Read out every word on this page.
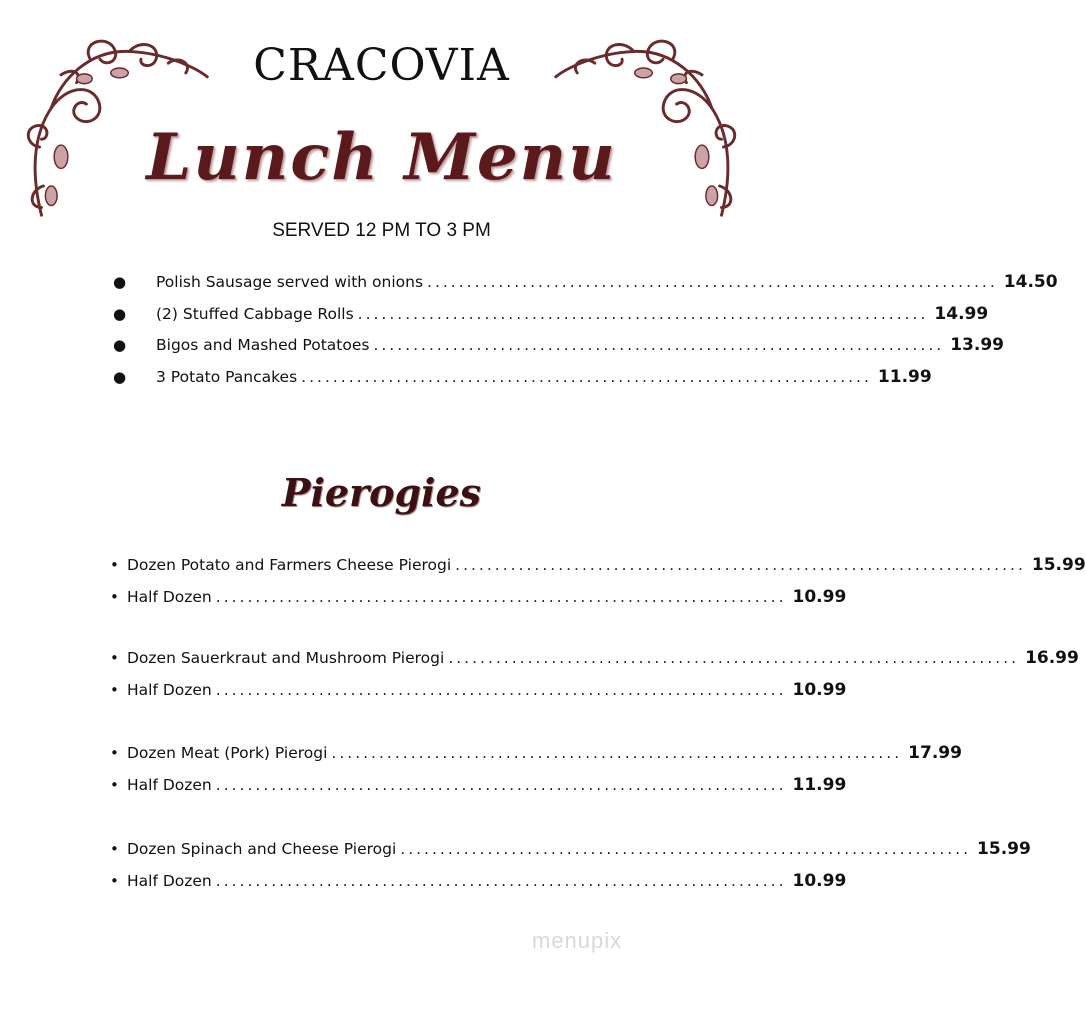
CRACOVIA
Lunch Menu
SERVED 12 PM TO 3 PM
●	Polish Sausage served with onions ........................................................................ 14.50
●	(2) Stuffed Cabbage Rolls ........................................................................ 14.99
●	Bigos and Mashed Potatoes ........................................................................ 13.99
●	3 Potato Pancakes ........................................................................ 11.99
Pierogies
• Dozen Potato and Farmers Cheese Pierogi ........................................................................ 15.99
• Half Dozen ........................................................................ 10.99
• Dozen Sauerkraut and Mushroom Pierogi ........................................................................ 16.99
• Half Dozen ........................................................................ 10.99
• Dozen Meat (Pork) Pierogi ........................................................................ 17.99
• Half Dozen ........................................................................ 11.99
• Dozen Spinach and Cheese Pierogi ........................................................................ 15.99
• Half Dozen ........................................................................ 10.99
menupix
